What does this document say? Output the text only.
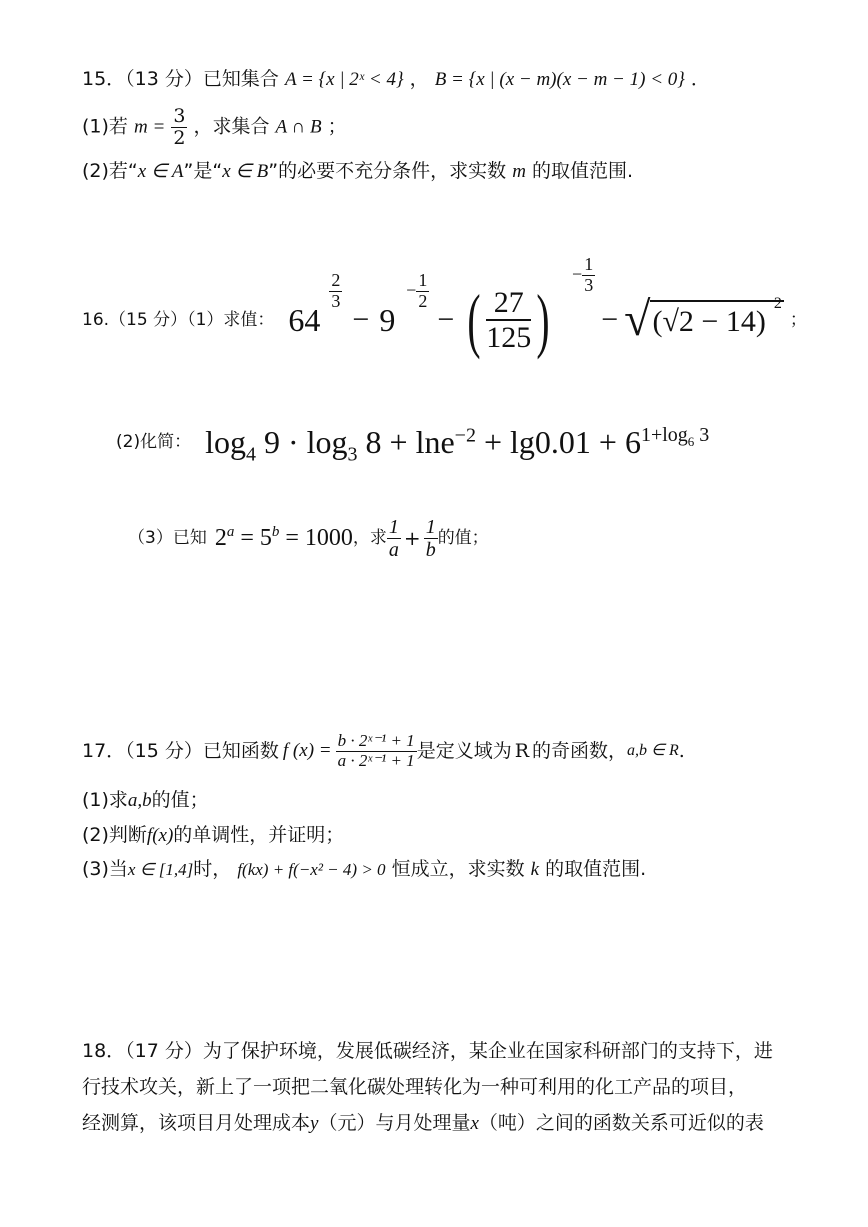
15．（13 分）已知集合 A = {x | 2ˣ < 4} ， B = {x | (x − m)(x − m − 1) < 0} ．
(1)若 $m = \frac{3}{2}$ ，求集合 A ∩ B ；
(2)若“x ∈ A”是“x ∈ B”的必要不充分条件，求实数 m 的取值范围.
16.（15 分）（1）求值： 64
$\frac{2}{3}$
− 9
− $\frac{1}{2}$
− ( $\frac{27}{125}$ )
− $\frac{1}{3}$
− √ (√2 − 14)
2
；
(2)化简： $\log_4 9 \cdot \log_3 8 + \ln e^{-2} + \lg 0.01 + 6^{1+log_6 3}$
（3）已知 $2^a = 5^b = 1000$ ，求 $\frac{1}{a} + \frac{1}{b}$ 的值；
17．（15 分）已知函数 f $(x) = \frac{\text{b · 2ˣ⁻¹ + 1}}{\text{a · 2ˣ⁻¹ + 1}}$ 是定义域为 R 的奇函数， a,b ∈ R .
(1)求a,b的值；
(2)判断f(x)的单调性，并证明；
(3)当x ∈ [1,4]时， f(kx) + f(−x² − 4) > 0 恒成立，求实数 k 的取值范围.
18．（17 分）为了保护环境，发展低碳经济，某企业在国家科研部门的支持下，进
行技术攻关，新上了一项把二氧化碳处理转化为一种可利用的化工产品的项目，
经测算，该项目月处理成本y（元）与月处理量x（吨）之间的函数关系可近似的表
